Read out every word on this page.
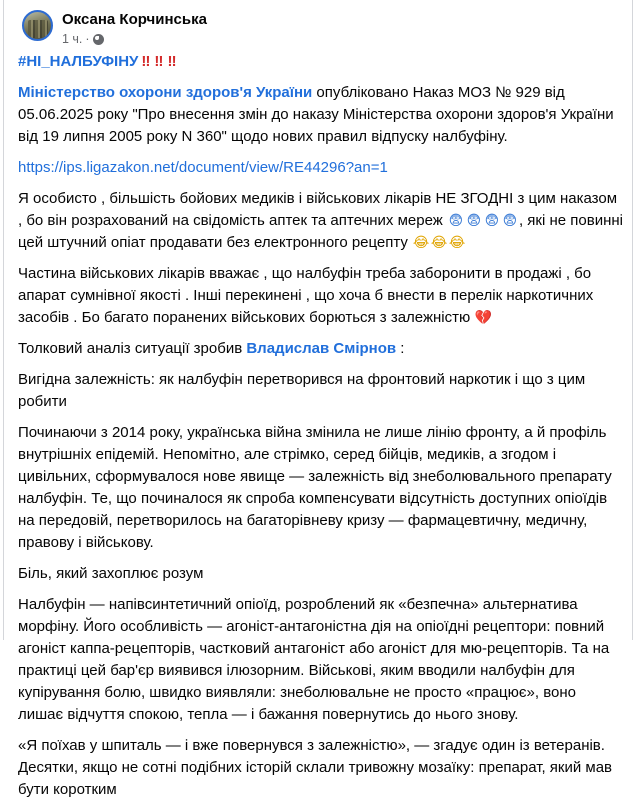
Оксана Корчинська
1 ч. ·
#НІ_НАЛБУФІНУ ‼ ‼ ‼
Міністерство охорони здоров'я України опубліковано Наказ МОЗ № 929 від 05.06.2025 року "Про внесення змін до наказу Міністерства охорони здоров'я України від 19 липня 2005 року N 360" щодо нових правил відпуску налбуфіну.
https://ips.ligazakon.net/document/view/RE44296?an=1
Я особисто , більшість бойових медиків і військових лікарів НЕ ЗГОДНІ з цим наказом , бо він розрахований на свідомість аптек та аптечних мереж 😨 😨 😨 😨 , які не повинні цей штучний опіат продавати без електронного рецепту 😂 😂 😂
Частина військових лікарів вважає , що налбуфін треба заборонити в продажі , бо апарат сумнівної якості . Інші перекинені , що хоча б внести в перелік наркотичних засобів . Бо багато поранених військових борються з залежністю 💔
Толковий аналіз ситуації зробив Владислав Смірнов :
Вигідна залежність: як налбуфін перетворився на фронтовий наркотик і що з цим робити
Починаючи з 2014 року, українська війна змінила не лише лінію фронту, а й профіль внутрішніх епідемій. Непомітно, але стрімко, серед бійців, медиків, а згодом і цивільних, сформувалося нове явище — залежність від знеболювального препарату налбуфін. Те, що починалося як спроба компенсувати відсутність доступних опіоїдів на передовій, перетворилось на багаторівневу кризу — фармацевтичну, медичну, правову і військову.
Біль, який захоплює розум
Налбуфін — напівсинтетичний опіоїд, розроблений як «безпечна» альтернатива морфіну. Його особливість — агоніст-антагоністна дія на опіоїдні рецептори: повний агоніст каппа-рецепторів, частковий антагоніст або агоніст для мю-рецепторів. Та на практиці цей бар'єр виявився ілюзорним. Військові, яким вводили налбуфін для купірування болю, швидко виявляли: знеболювальне не просто «працює», воно лишає відчуття спокою, тепла — і бажання повернутись до нього знову.
«Я поїхав у шпиталь — і вже повернувся з залежністю», — згадує один із ветеранів. Десятки, якщо не сотні подібних історій склали тривожну мозаїку: препарат, який мав бути коротким
